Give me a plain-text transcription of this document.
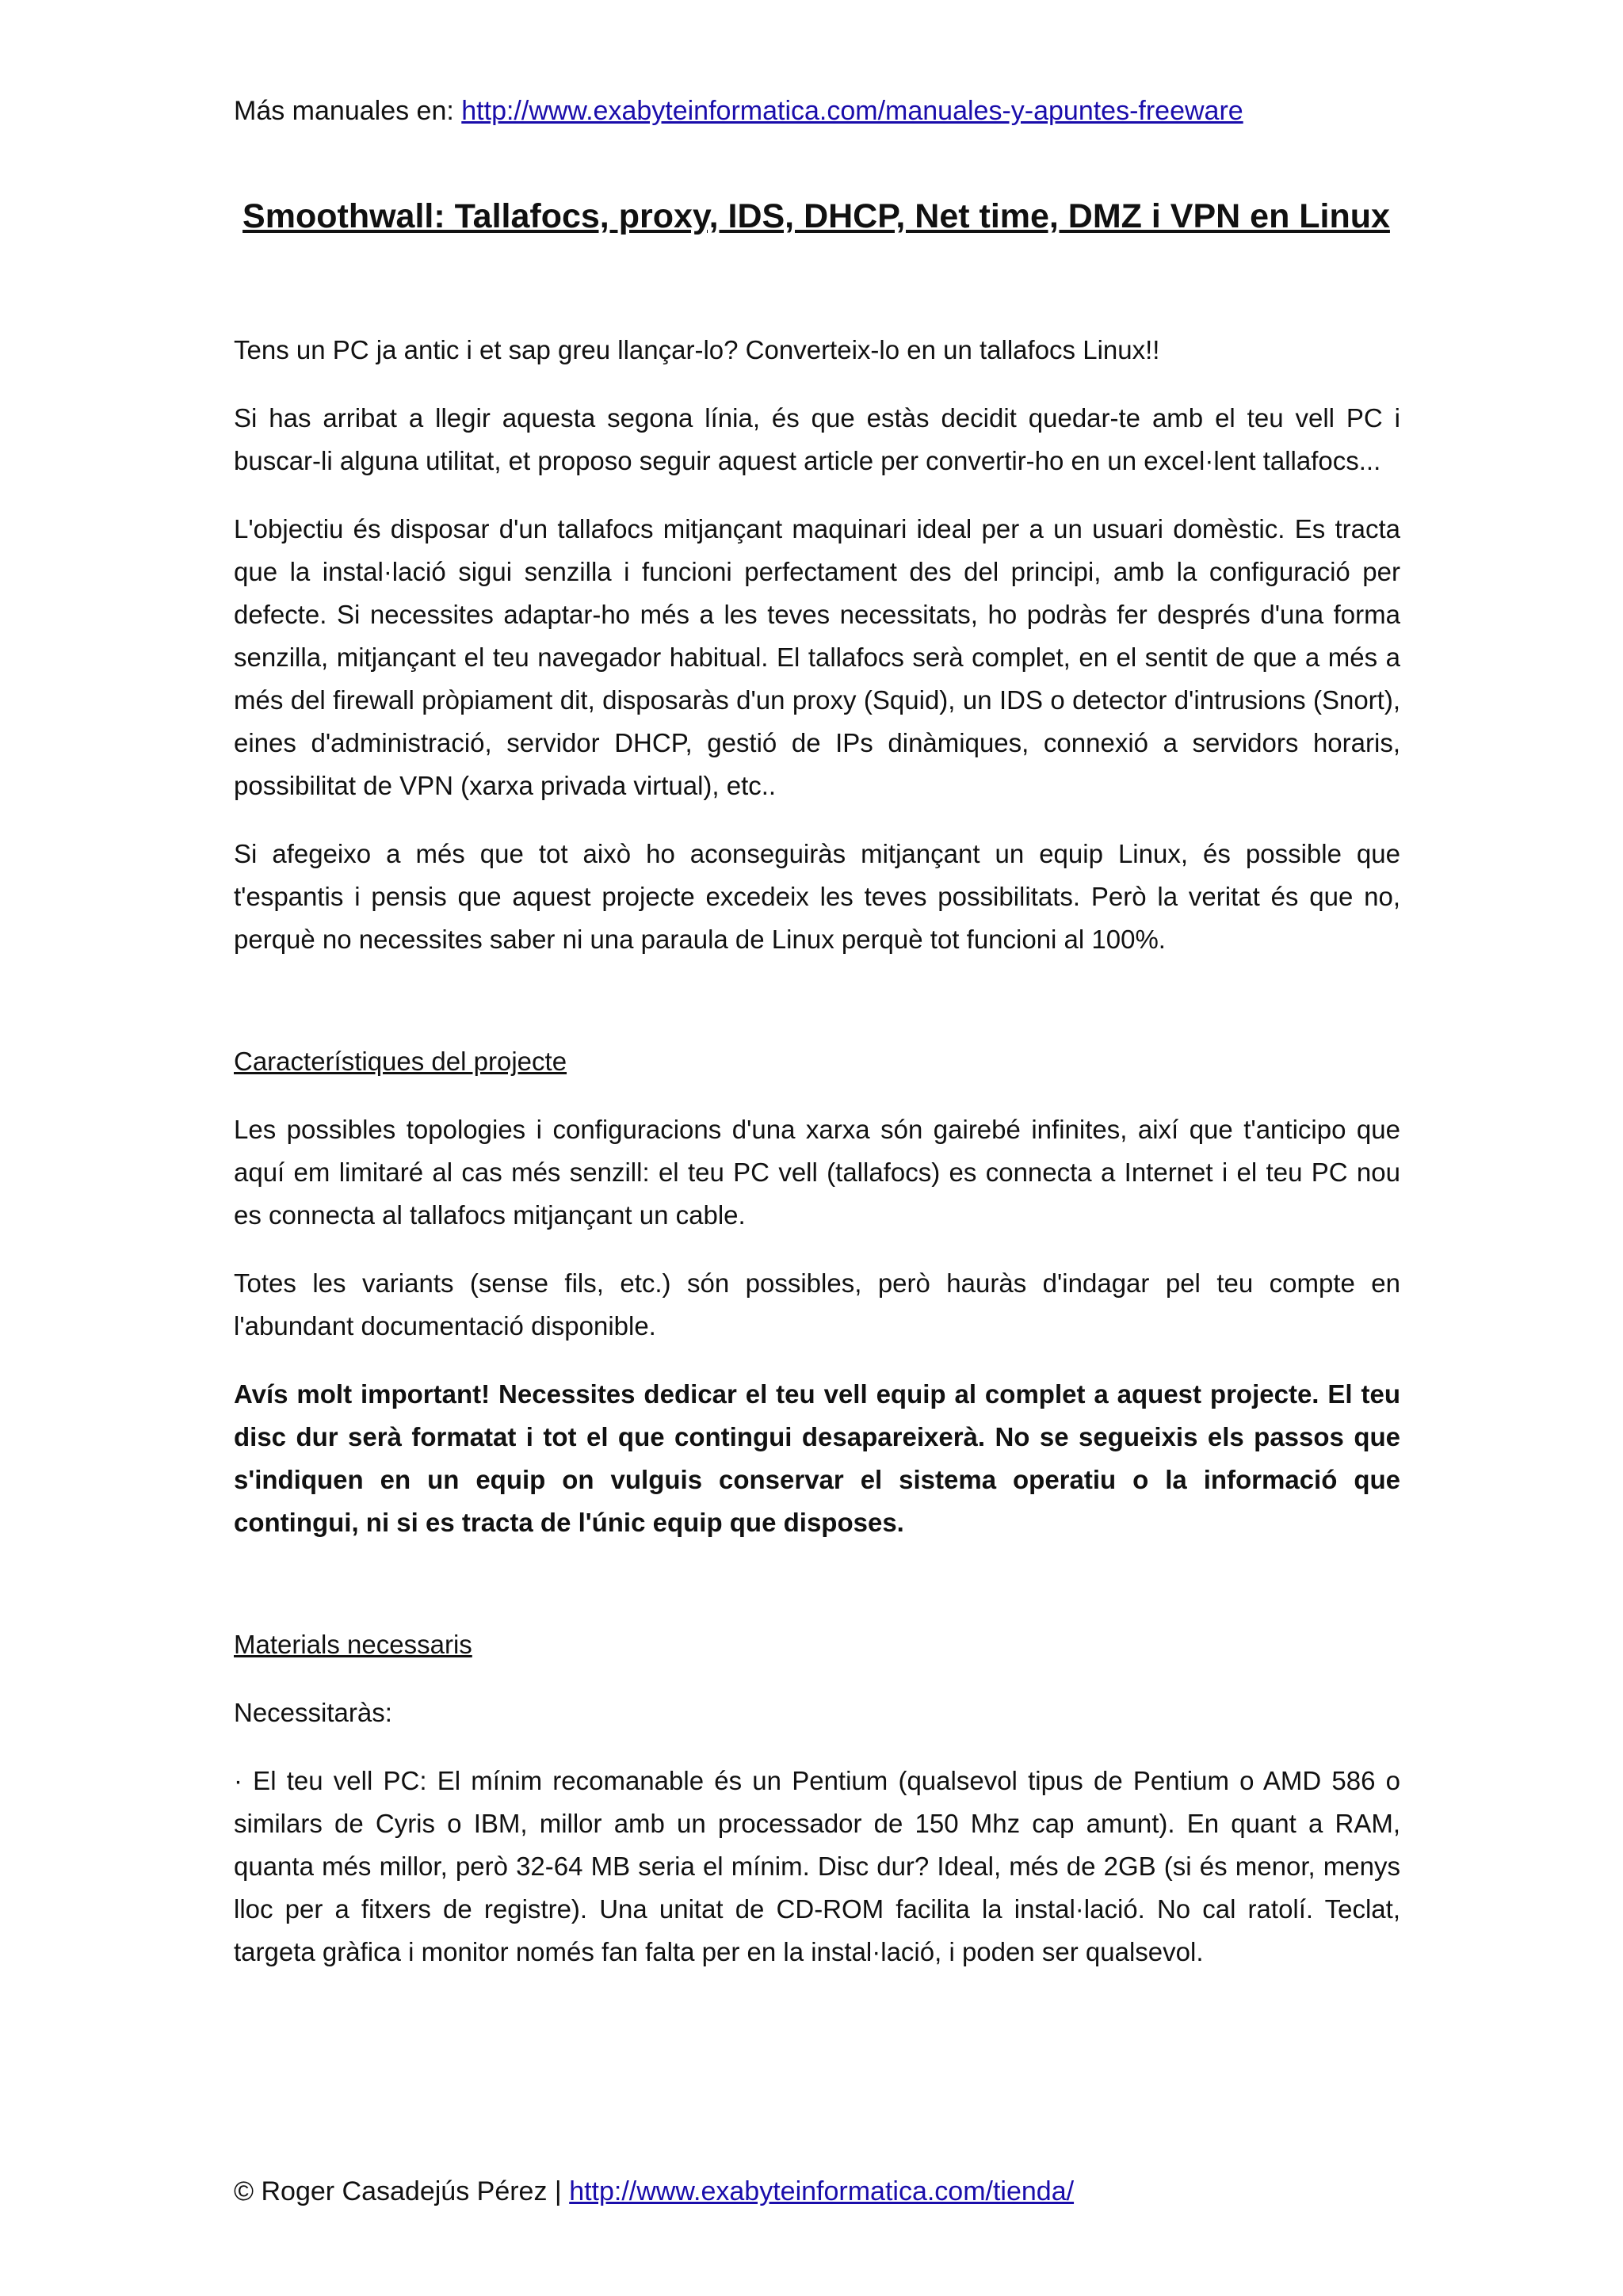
Más manuales en: http://www.exabyteinformatica.com/manuales-y-apuntes-freeware
Smoothwall: Tallafocs, proxy, IDS, DHCP, Net time, DMZ i VPN en Linux

Tens un PC ja antic i et sap greu llançar-lo? Converteix-lo en un tallafocs Linux!!

Si has arribat a llegir aquesta segona línia, és que estàs decidit quedar-te amb el teu vell PC i buscar-li alguna utilitat, et proposo seguir aquest article per convertir-ho en un excel·lent tallafocs...

L'objectiu és disposar d'un tallafocs mitjançant maquinari ideal per a un usuari domèstic. Es tracta que la instal·lació sigui senzilla i funcioni perfectament des del principi, amb la configuració per defecte. Si necessites adaptar-ho més a les teves necessitats, ho podràs fer després d'una forma senzilla, mitjançant el teu navegador habitual. El tallafocs serà complet, en el sentit de que a més a més del firewall pròpiament dit, disposaràs d'un proxy (Squid), un IDS o detector d'intrusions (Snort), eines d'administració, servidor DHCP, gestió de IPs dinàmiques, connexió a servidors horaris, possibilitat de VPN (xarxa privada virtual), etc..

Si afegeixo a més que tot això ho aconseguiràs mitjançant un equip Linux, és possible que t'espantis i pensis que aquest projecte excedeix les teves possibilitats. Però la veritat és que no, perquè no necessites saber ni una paraula de Linux perquè tot funcioni al 100%.

Característiques del projecte

Les possibles topologies i configuracions d'una xarxa són gairebé infinites, així que t'anticipo que aquí em limitaré al cas més senzill: el teu PC vell (tallafocs) es connecta a Internet i el teu PC nou es connecta al tallafocs mitjançant un cable.

Totes les variants (sense fils, etc.) són possibles, però hauràs d'indagar pel teu compte en l'abundant documentació disponible.

Avís molt important! Necessites dedicar el teu vell equip al complet a aquest projecte. El teu disc dur serà formatat i tot el que contingui desapareixerà. No se segueixis els passos que s'indiquen en un equip on vulguis conservar el sistema operatiu o la informació que contingui, ni si es tracta de l'únic equip que disposes.

Materials necessaris

Necessitaràs:

· El teu vell PC: El mínim recomanable és un Pentium (qualsevol tipus de Pentium o AMD 586 o similars de Cyris o IBM, millor amb un processador de 150 Mhz cap amunt). En quant a RAM, quanta més millor, però 32-64 MB seria el mínim. Disc dur? Ideal, més de 2GB (si és menor, menys lloc per a fitxers de registre). Una unitat de CD-ROM facilita la instal·lació. No cal ratolí. Teclat, targeta gràfica i monitor només fan falta per en la instal·lació, i poden ser qualsevol.

© Roger Casadejús Pérez | http://www.exabyteinformatica.com/tienda/
